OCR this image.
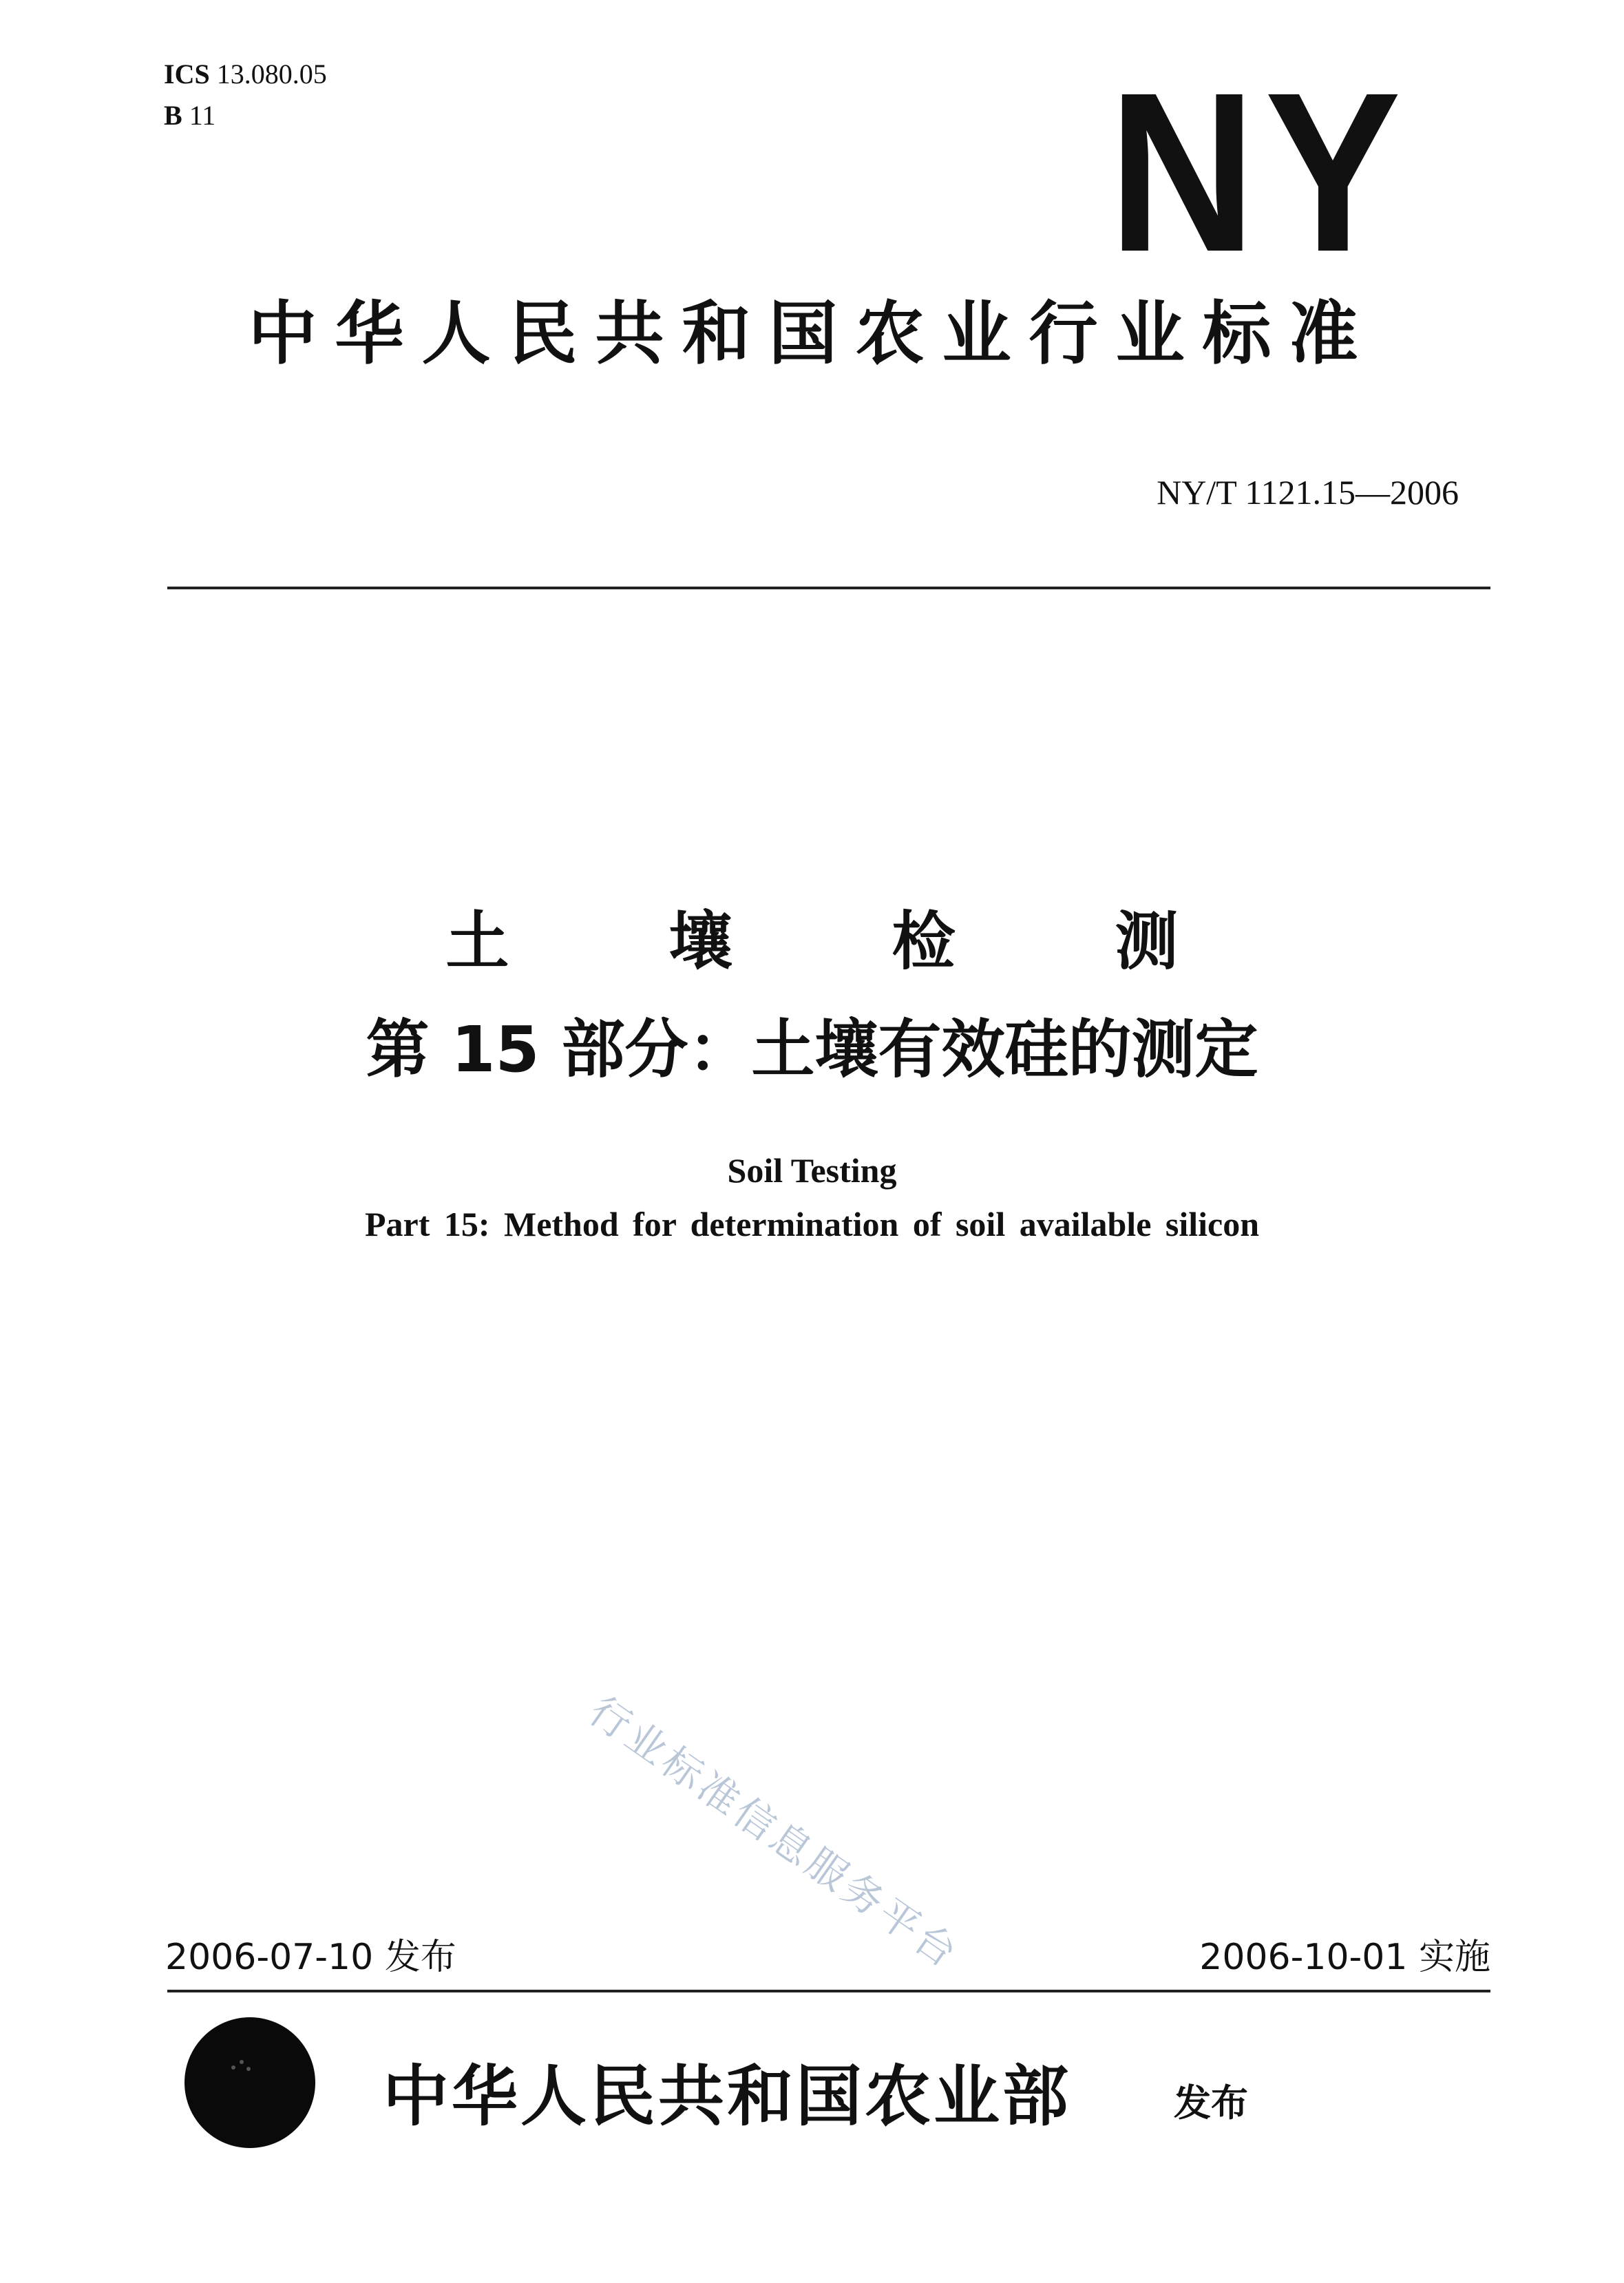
ICS 13.080.05
B 11	NY
中华人民共和国农业行业标准
NY/T 1121.15—2006
土 壤 检 测
第 15 部分：土壤有效硅的测定
Soil Testing
Part 15: Method for determination of soil available silicon
行业标准信息服务平台
2006-07-10 发布	2006-10-01 实施
中华人民共和国农业部	发布
